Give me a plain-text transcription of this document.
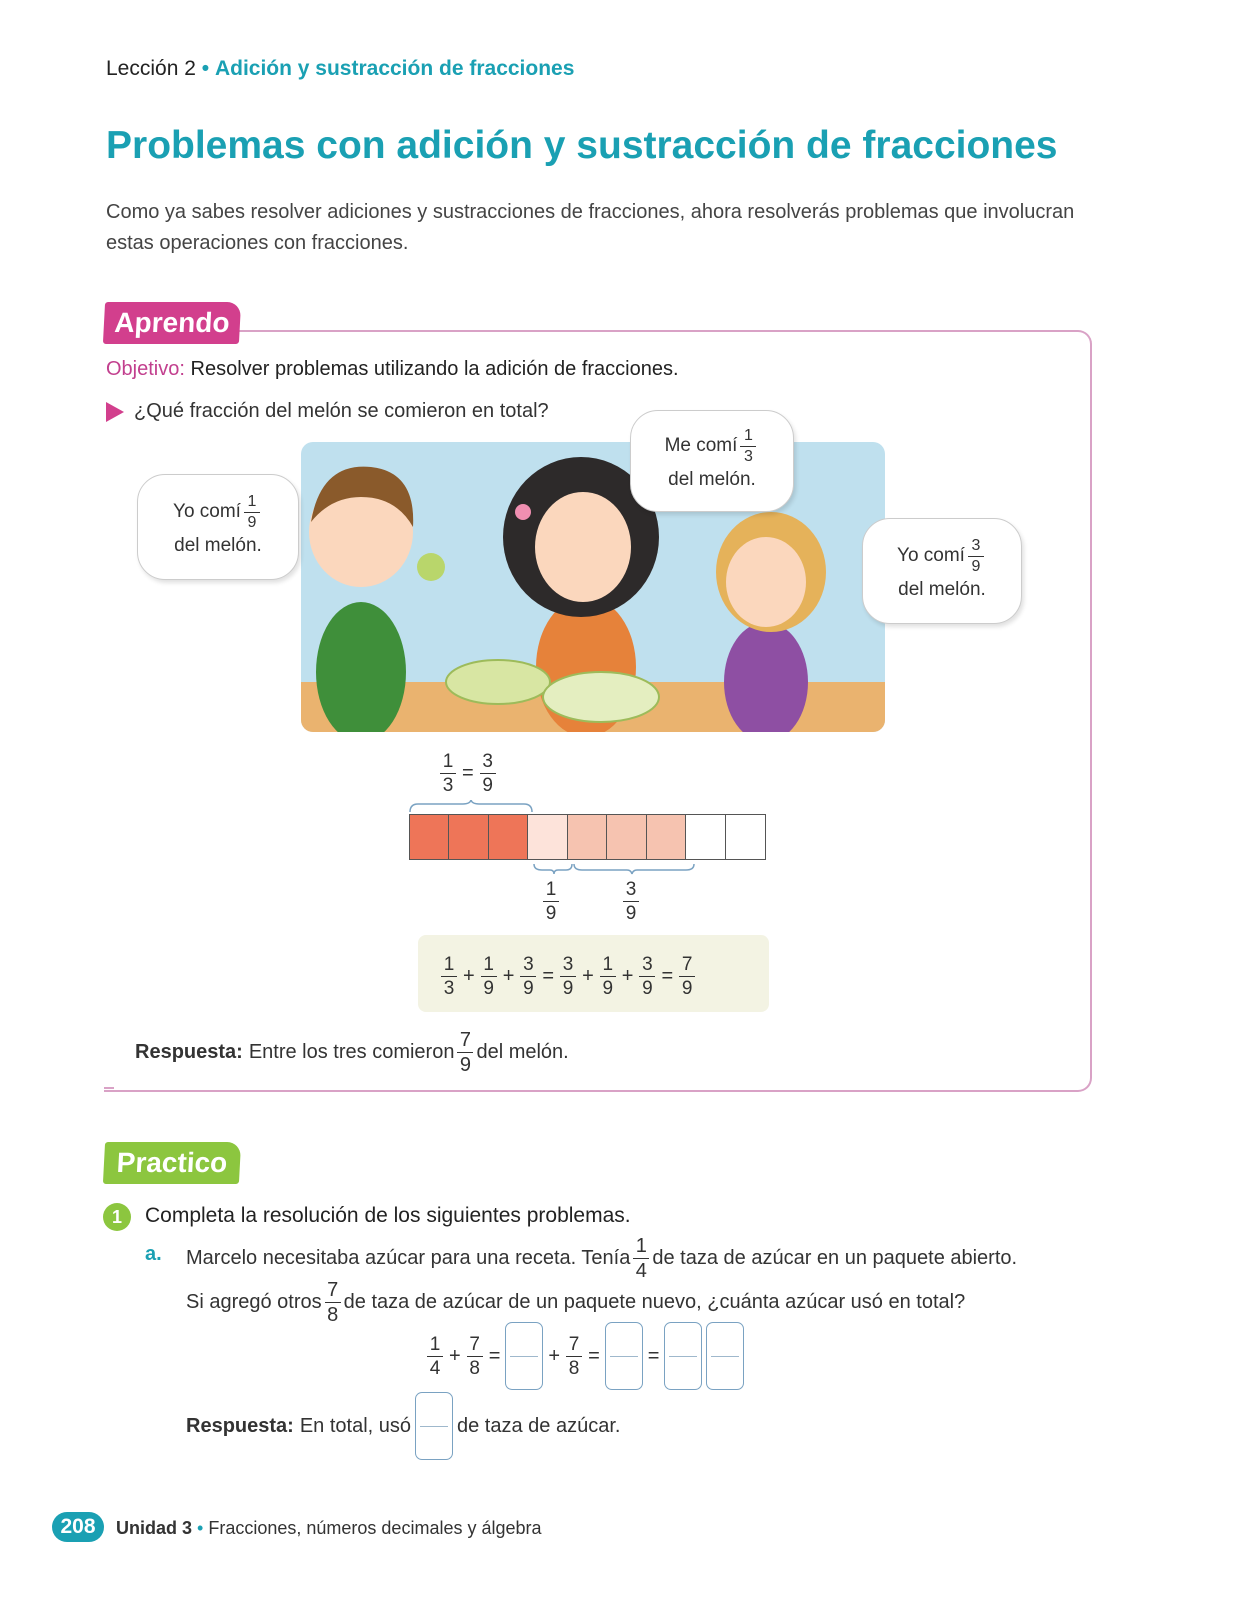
Lección 2 • Adición y sustracción de fracciones
Problemas con adición y sustracción de fracciones
Como ya sabes resolver adiciones y sustracciones de fracciones, ahora resolverás problemas que involucran estas operaciones con fracciones.
Aprendo
Objetivo: Resolver problemas utilizando la adición de fracciones.
¿Qué fracción del melón se comieron en total?
Yo comí $\frac{1}{9}$
del melón.
Me comí $\frac{1}{3}$
del melón.
Yo comí $\frac{3}{9}$
del melón.
$\frac{1}{3} = \frac{3}{9}$
$\frac{1}{9}$	$\frac{3}{9}$
$\frac{1}{3} + \frac{1}{9} + \frac{3}{9} = \frac{3}{9} + \frac{1}{9} + \frac{3}{9} = \frac{7}{9}$
Respuesta: Entre los tres comieron $\frac{7}{9}$ del melón.
Practico
1	Completa la resolución de los siguientes problemas.
a. Marcelo necesitaba azúcar para una receta. Tenía $\frac{1}{4}$ de taza de azúcar en un paquete abierto.
Si agregó otros $\frac{7}{8}$ de taza de azúcar de un paquete nuevo, ¿cuánta azúcar usó en total?
$\frac{1}{4} + \frac{7}{8}$ = + $\frac{7}{8}$ = =
Respuesta: En total, usó de taza de azúcar.
208	Unidad 3 • Fracciones, números decimales y álgebra
